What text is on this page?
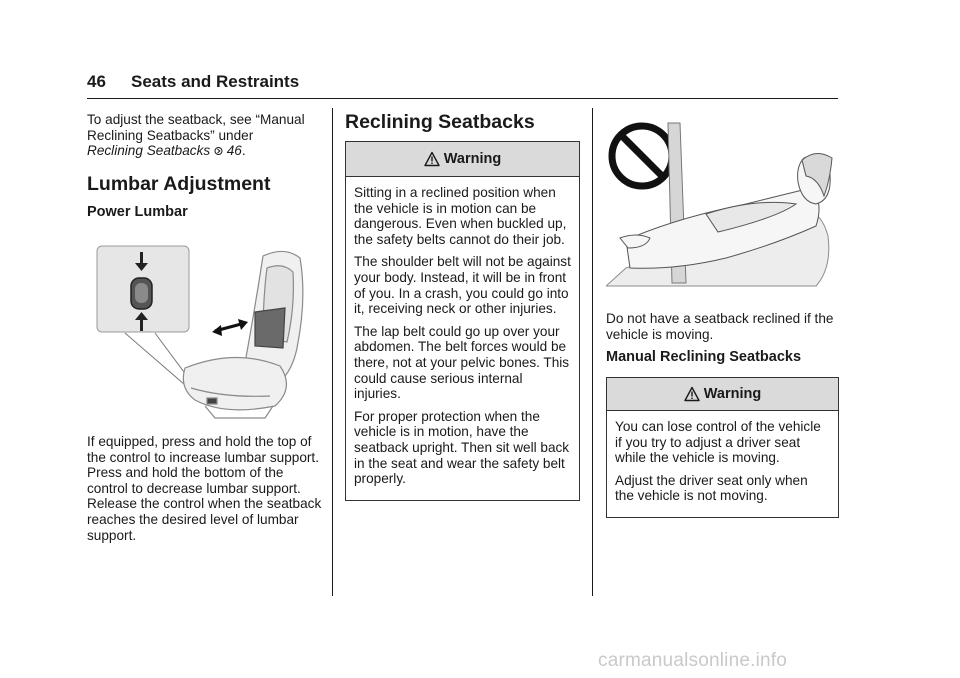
46 Seats and Restraints
To adjust the seatback, see “Manual Reclining Seatbacks” under
Reclining Seatbacks 46.
Lumbar Adjustment
Power Lumbar
If equipped, press and hold the top of the control to increase lumbar support. Press and hold the bottom of the control to decrease lumbar support. Release the control when the seatback reaches the desired level of lumbar support.
Reclining Seatbacks
Warning

Sitting in a reclined position when the vehicle is in motion can be dangerous. Even when buckled up, the safety belts cannot do their job.

The shoulder belt will not be against your body. Instead, it will be in front of you. In a crash, you could go into it, receiving neck or other injuries.

The lap belt could go up over your abdomen. The belt forces would be there, not at your pelvic bones. This could cause serious internal injuries.

For proper protection when the vehicle is in motion, have the seatback upright. Then sit well back in the seat and wear the safety belt properly.

Do not have a seatback reclined if the vehicle is moving.
Manual Reclining Seatbacks
Warning

You can lose control of the vehicle if you try to adjust a driver seat while the vehicle is moving.

Adjust the driver seat only when the vehicle is not moving.

carmanualsonline.info
